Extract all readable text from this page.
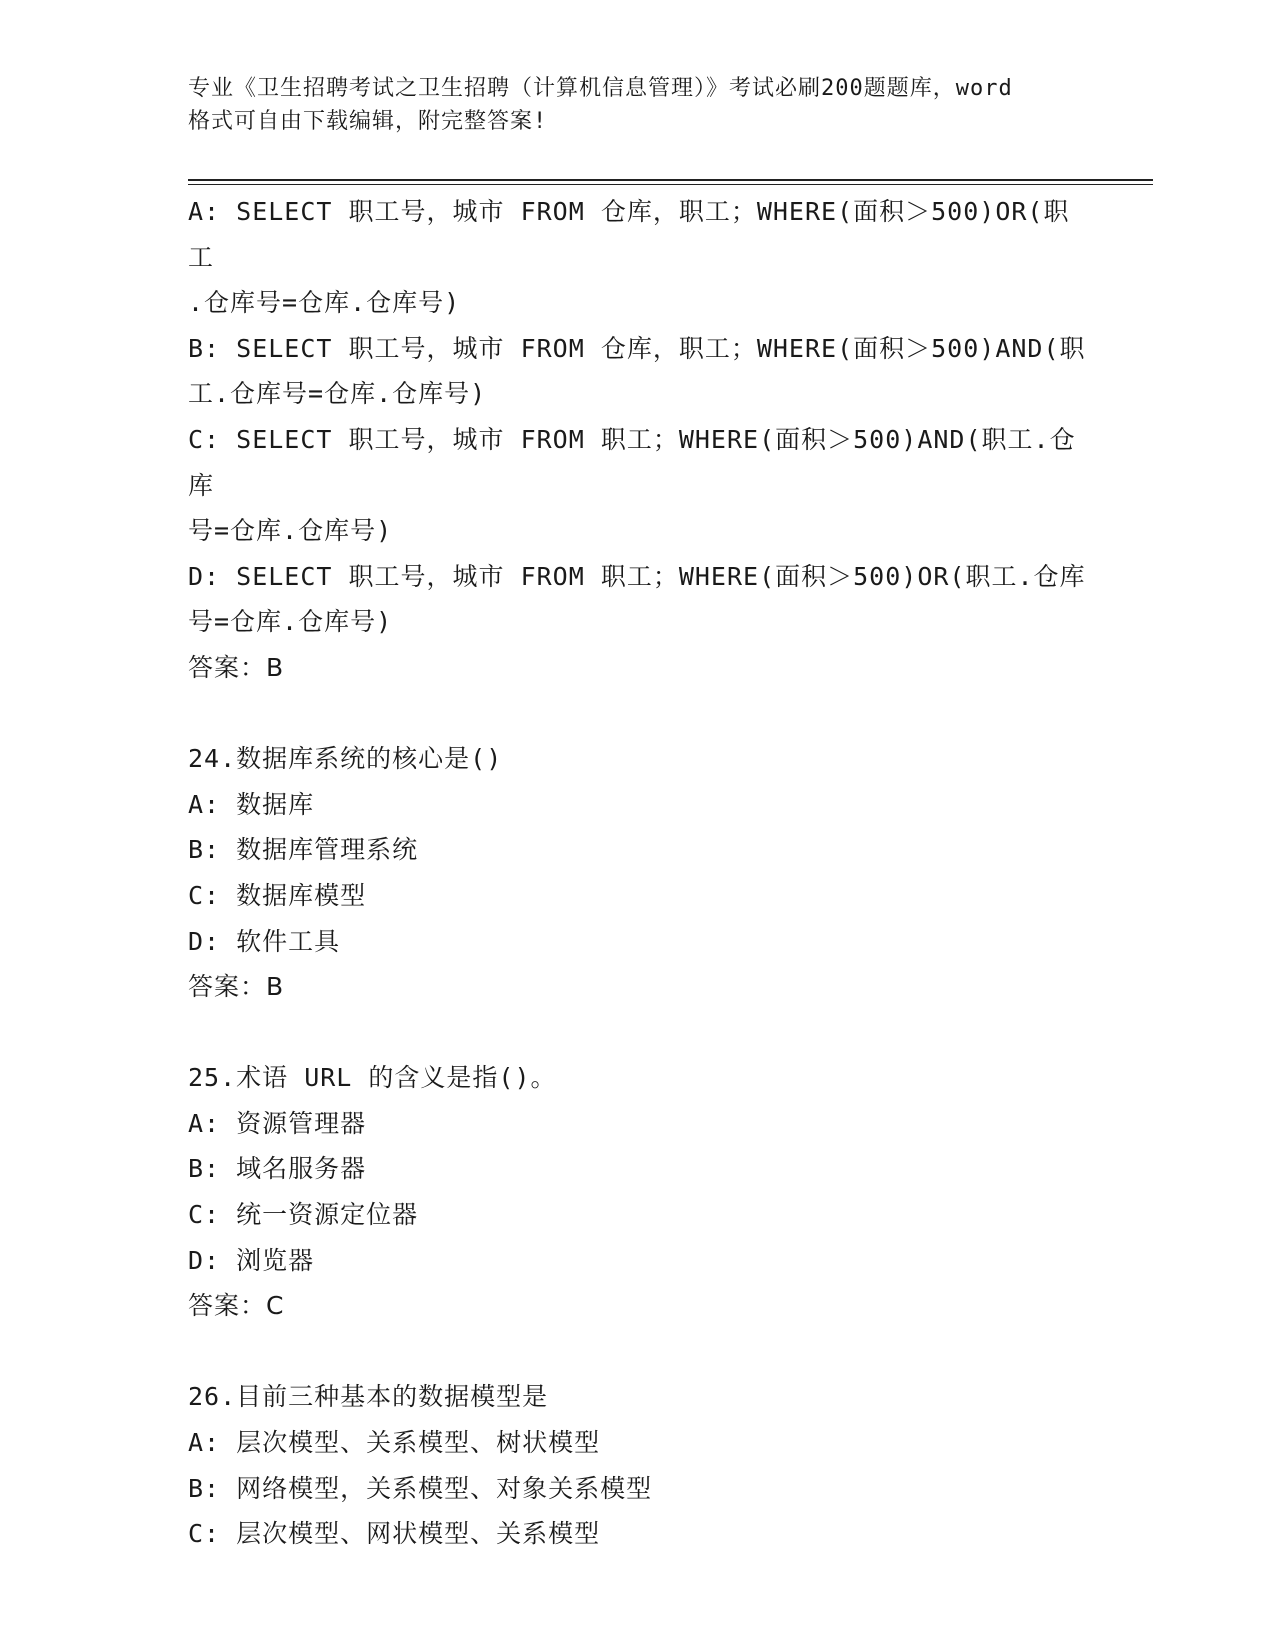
专业《卫生招聘考试之卫生招聘（计算机信息管理）》考试必刷200题题库，word
格式可自由下载编辑，附完整答案!
A: SELECT 职工号，城市 FROM 仓库，职工；WHERE(面积＞500)OR(职工
.仓库号=仓库.仓库号)
B: SELECT 职工号，城市 FROM 仓库，职工；WHERE(面积＞500)AND(职
工.仓库号=仓库.仓库号)
C: SELECT 职工号，城市 FROM 职工；WHERE(面积＞500)AND(职工.仓库
号=仓库.仓库号)
D: SELECT 职工号，城市 FROM 职工；WHERE(面积＞500)OR(职工.仓库
号=仓库.仓库号)
答案：B
24.数据库系统的核心是()
A: 数据库
B: 数据库管理系统
C: 数据库模型
D: 软件工具
答案：B
25.术语 URL 的含义是指()。
A: 资源管理器
B: 域名服务器
C: 统一资源定位器
D: 浏览器
答案：C
26.目前三种基本的数据模型是
A: 层次模型、关系模型、树状模型
B: 网络模型，关系模型、对象关系模型
C: 层次模型、网状模型、关系模型
